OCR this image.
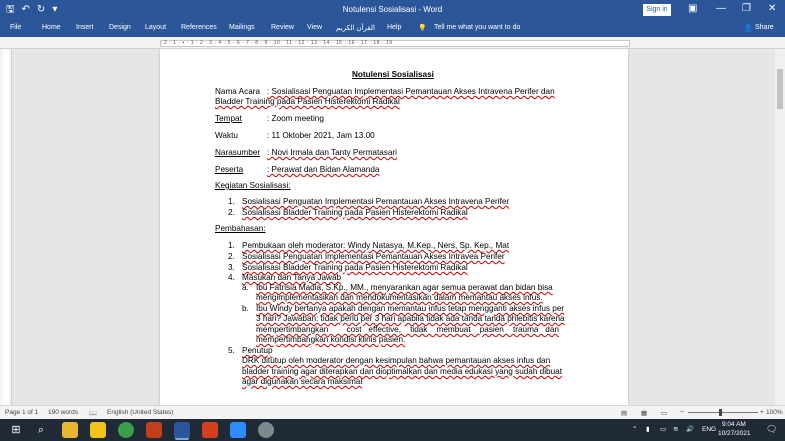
🖫 ↶ ↻ ▾	Notulensi Sosialisasi - Word	Sign in	▣ — ❐ ✕
File	Home Insert Design Layout References Mailings Review View القرآن الكريم Help 💡 Tell me what you want to do	👤 Share
· 2 · 1 · ▪ · 1 · 2 · 3 · 4 · 5 · 6 · 7 · 8 · 9 · 10 · 11 · 12 · 13 · 14 · 15 · 16 · 17 · 18 · 19
Notulensi Sosialisasi
Nama Acara : Sosialisasi Penguatan Implementasi Pemantauan Akses Intravena Perifer dan
Bladder Training pada Pasien Histerektomi Radikal
Tempat	: Zoom meeting
Waktu	: 11 Oktober 2021, Jam 13.00
Narasumber : Novi Irmala dan Tanty Permatasari
Peserta	: Perawat dan Bidan Alamanda
Kegiatan Sosialisasi:
1. Sosialisasi Penguatan Implementasi Pemantauan Akses Intravena Perifer
2. Sosialisasi Bladder Training pada Pasien Histerektomi Radikal
Pembahasan:
1. Pembukaan oleh moderator: Windy Natasya, M.Kep., Ners, Sp. Kep., Mat
2. Sosialisasi Penguatan Implementasi Pemantauan Akses Intravea Perifer
3. Sosialisasi Bladder Training pada Pasien Histerektomi Radikal
4. Masukan dan Tanya Jawab
a. Ibu Fatrisia Madia, S.Kp., MM., menyarankan agar semua perawat dan bidan bisa
mengimplementasikan dan mendokumentasikan dalam memantau akses infus.
b. Ibu Windy bertanya apakah dengan memantau infus tetap mengganti akses infus per
3 hari? Jawaban: tidak perlu per 3 hari apabila tidak ada tanda tanda phlebitis karena
mempertimbangkan        cost   effective,    tidak    membuat    pasien    trauma   dan
mempertimbangkan kondisi klinis pasien.
5. Penutup
DRK ditutup oleh moderator dengan kesimpulan bahwa pemantauan akses infus dan
bladder training agar diterapkan dan dioptimalkan dan media edukasi yang sudah dibuat
agar digunakan secara maksimal
Page 1 of 1 190 words 📖 English (United States)	▤ ▦ ▭ −	+ 100%
⊞	⌕	⌃ ▮ ▭ ≋ 🔊 ENG
9:04 AM
10/27/2021 🗨
